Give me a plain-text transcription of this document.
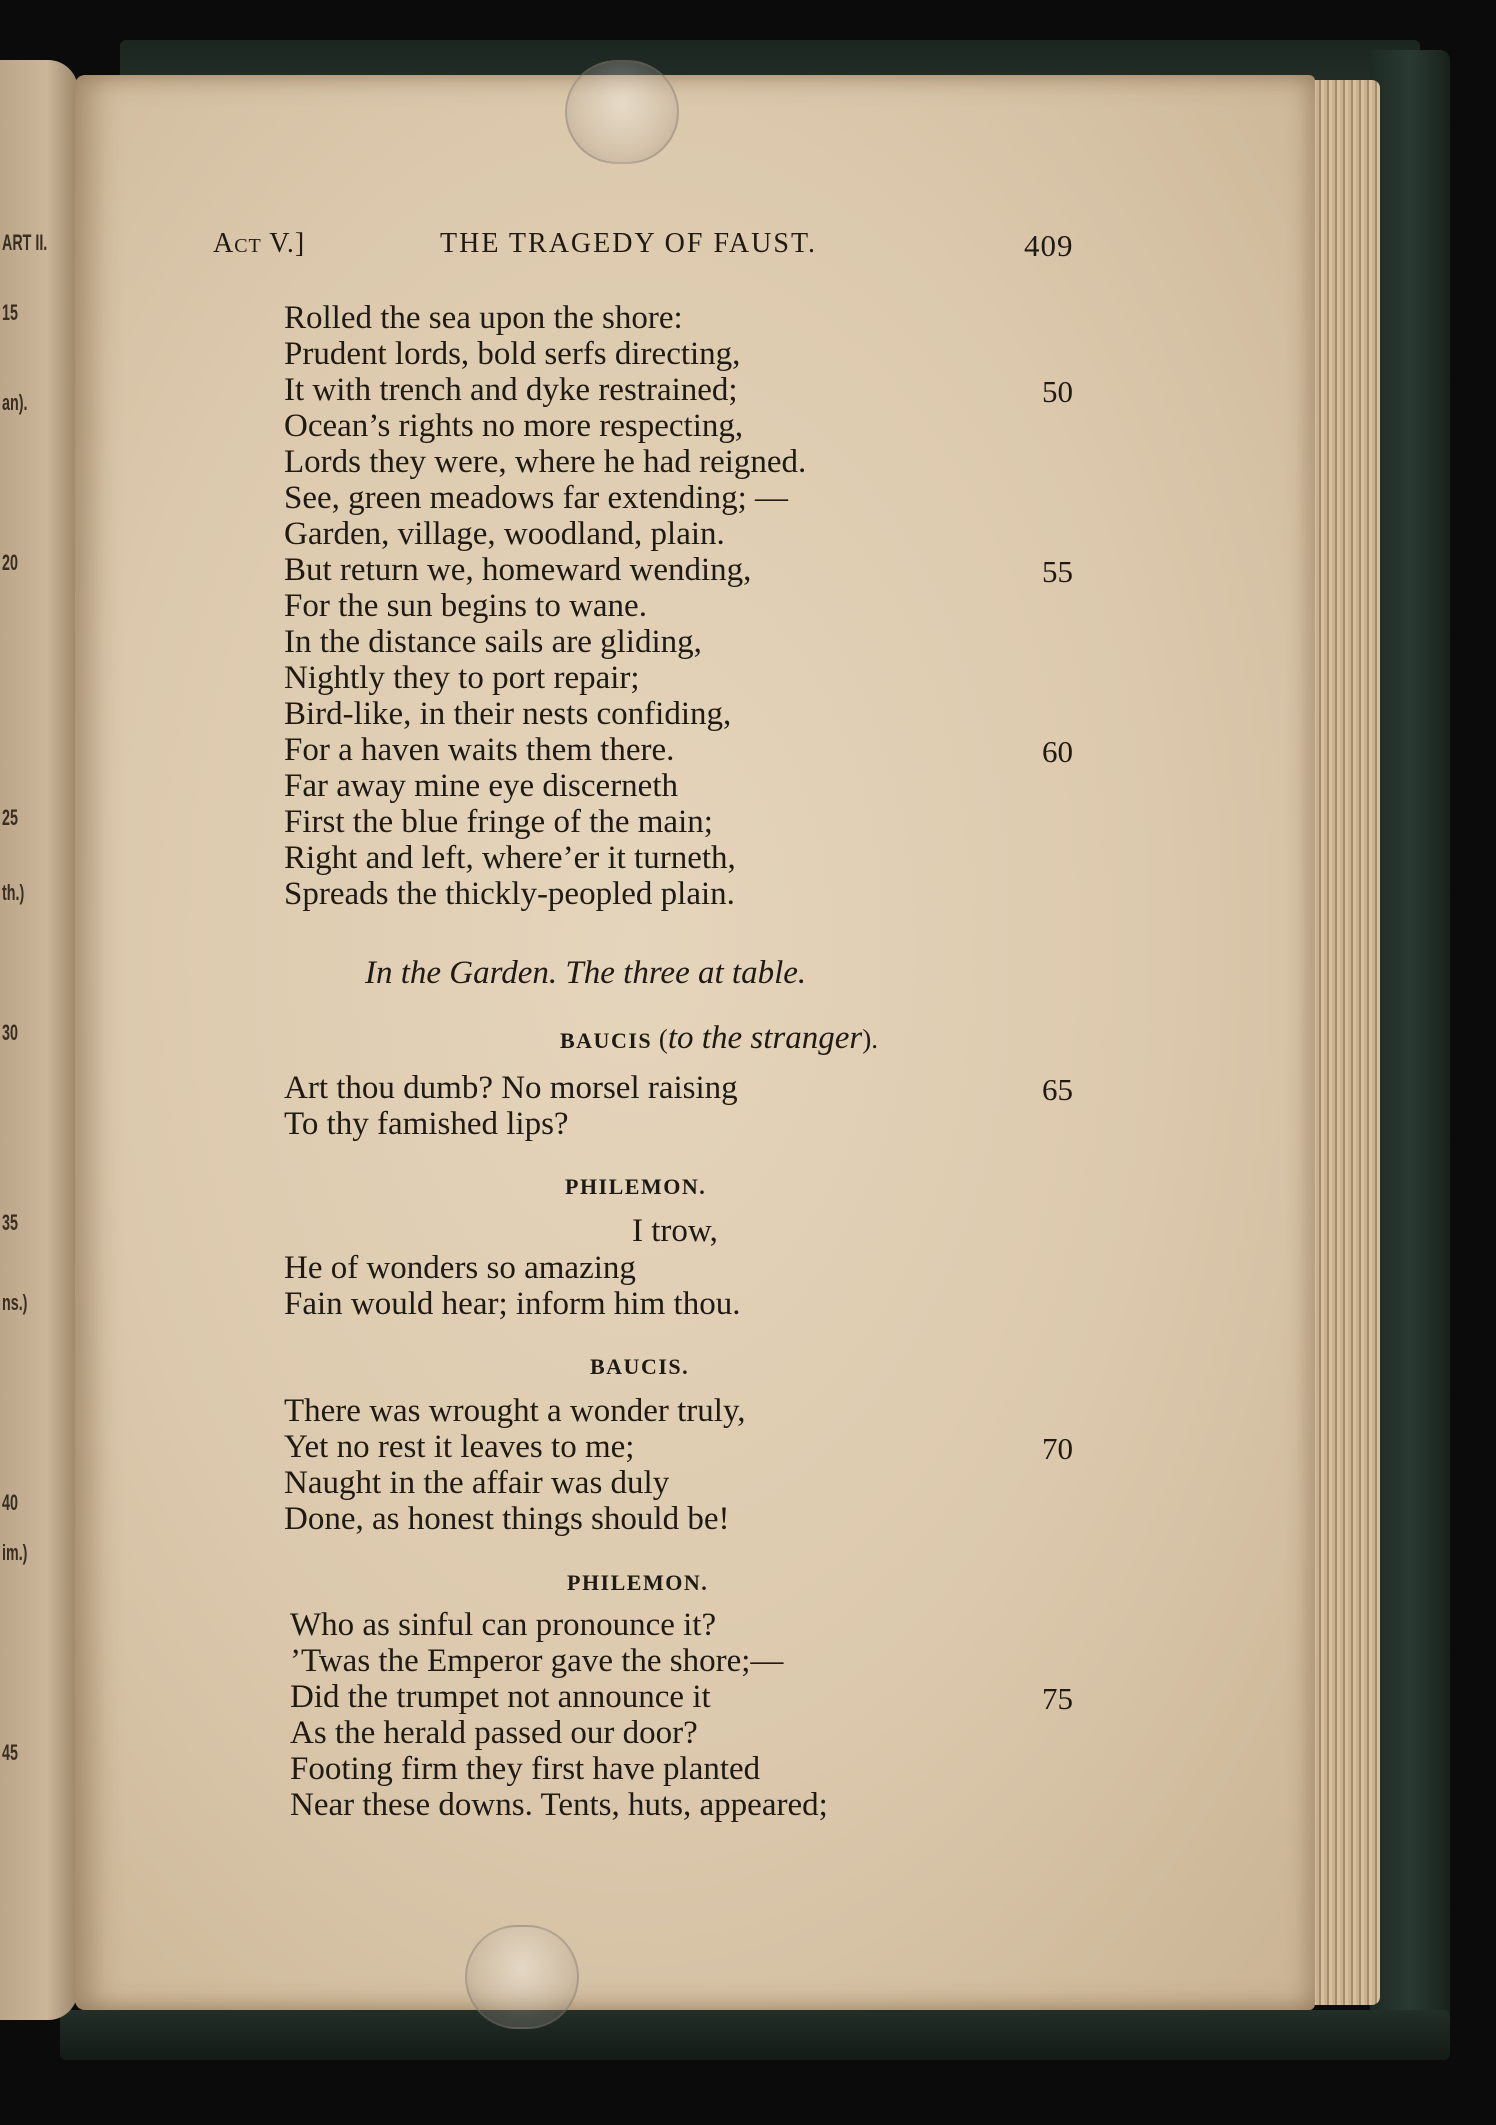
ART II.
15
an).
20
25
th.)
30
35
ns.)
40
im.)
45
Act V.]	THE TRAGEDY OF FAUST.	409
Rolled the sea upon the shore:
Prudent lords, bold serfs directing,
It with trench and dyke restrained;
Ocean’s rights no more respecting,
Lords they were, where he had reigned.
See, green meadows far extending; —
Garden, village, woodland, plain.
But return we, homeward wending,
For the sun begins to wane.
In the distance sails are gliding,
Nightly they to port repair;
Bird-like, in their nests confiding,
For a haven waits them there.
Far away mine eye discerneth
First the blue fringe of the main;
Right and left, where’er it turneth,
Spreads the thickly-peopled plain.
50
55
60
In the Garden. The three at table.
BAUCIS (to the stranger).
Art thou dumb? No morsel raising
To thy famished lips?
65
PHILEMON.
I trow,
He of wonders so amazing
Fain would hear; inform him thou.
BAUCIS.
There was wrought a wonder truly,
Yet no rest it leaves to me;
Naught in the affair was duly
Done, as honest things should be!
70
PHILEMON.
Who as sinful can pronounce it?
’Twas the Emperor gave the shore;—
Did the trumpet not announce it
As the herald passed our door?
Footing firm they first have planted
Near these downs. Tents, huts, appeared;
75
